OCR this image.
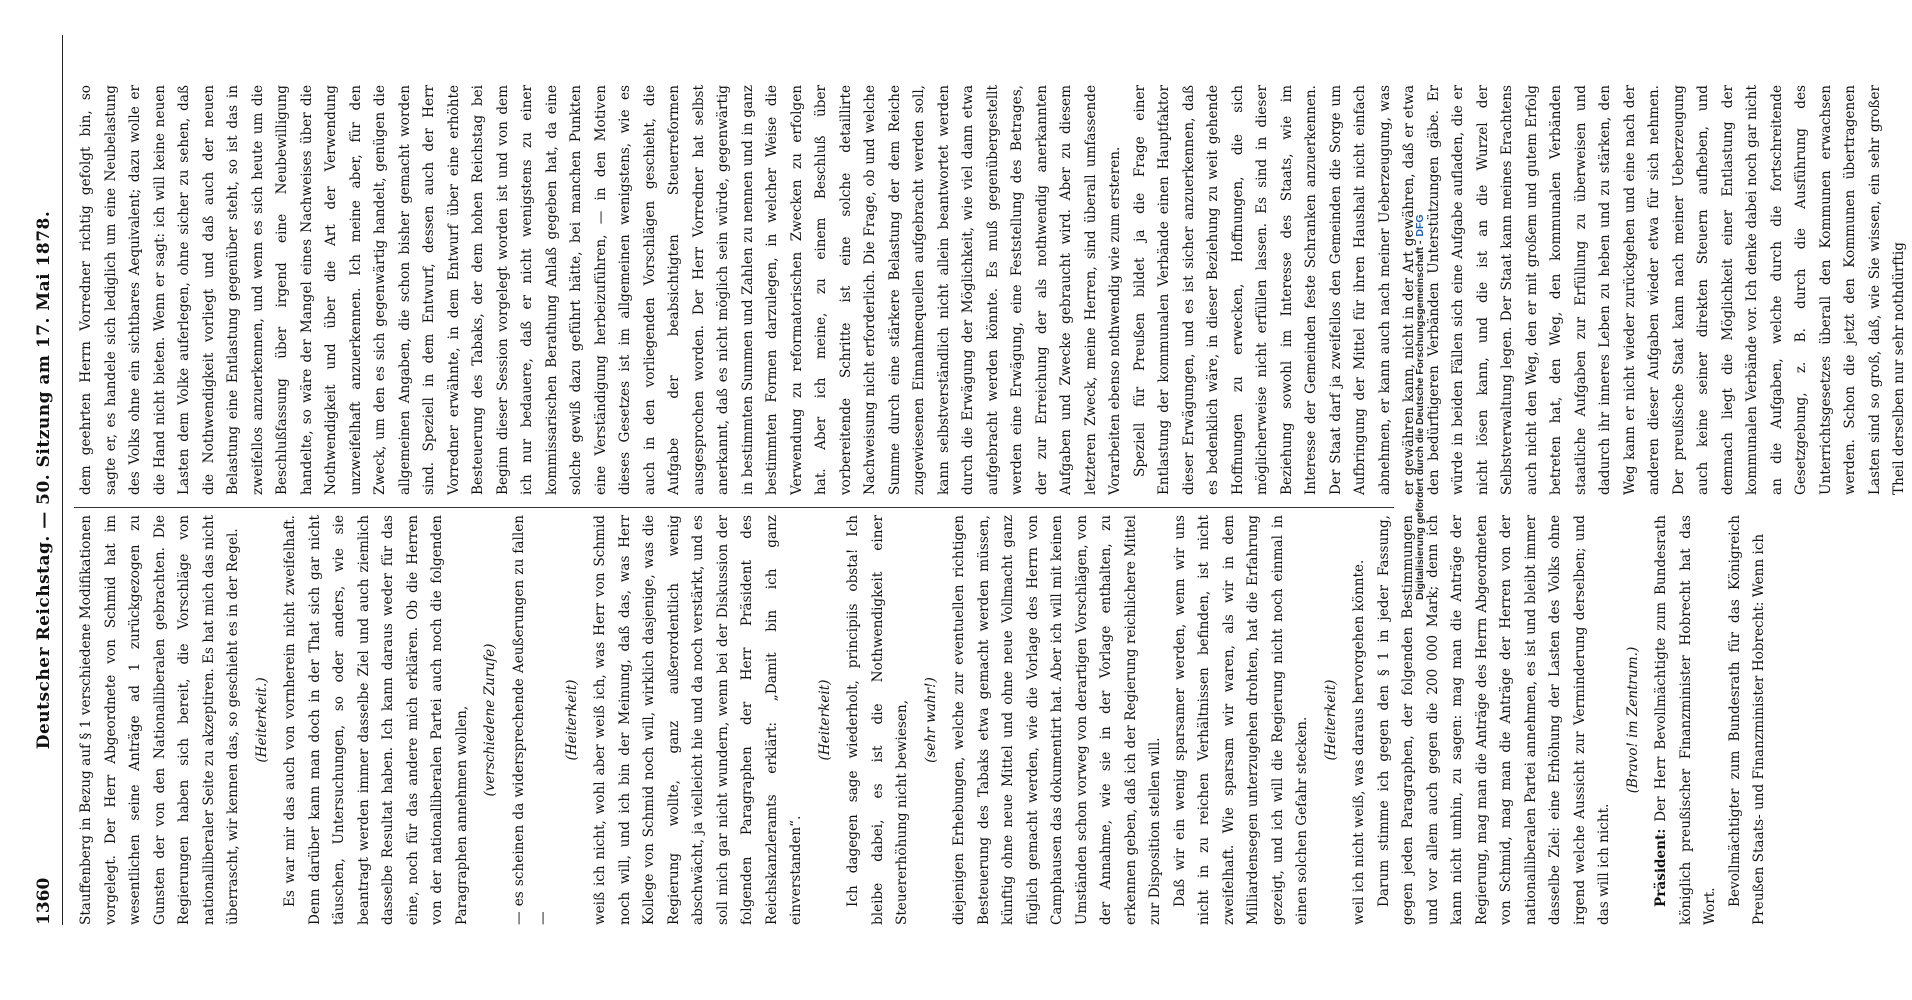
1360
Deutscher Reichstag. — 50. Sitzung am 17. Mai 1878. Stauffenberg in Bezug auf § 1 verschiedene Modifikationen vorgelegt. Der Herr Abgeordnete von Schmid hat im wesentlichen seine Anträge ad 1 zurückgezogen zu Gunsten der von den Nationalliberalen gebrachten. Die Regierungen haben sich bereit, die Vorschläge von nationalliberaler Seite zu akzeptiren. Es hat mich das nicht überrascht, wir kennen das, so geschieht es in der Regel. (Heiterkeit.) Es war mir das auch von vornherein nicht zweifelhaft. Denn darüber kann man doch in der That sich gar nicht täuschen, Untersuchungen, so oder anders, wie sie beantragt werden immer dasselbe Ziel und auch ziemlich dasselbe Resultat haben. Ich kann daraus weder für das eine, noch für das andere mich erklären. Ob die Herren von der nationalliberalen Partei auch noch die folgenden Paragraphen annehmen wollen, (verschiedene Zurufe) — es scheinen da widersprechende Aeußerungen zu fallen —

(Heiterkeit) weiß ich nicht, wohl aber weiß ich, was Herr von Schmid noch will, und ich bin der Meinung, daß das, was Herr Kollege von Schmid noch will, wirklich dasjenige, was die Regierung wollte, ganz außerordentlich wenig abschwächt, ja vielleicht hie und da noch verstärkt, und es soll mich gar nicht wundern, wenn bei der Diskussion der folgenden Paragraphen der Herr Präsident des Reichskanzleramts erklärt: „Damit bin ich ganz einverstanden“.

(Heiterkeit) Ich dagegen sage wiederholt, principiis obsta! Ich bleibe dabei, es ist die Nothwendigkeit einer Steuererhöhung nicht bewiesen, (sehr wahr!) diejenigen Erhebungen, welche zur eventuellen richtigen Besteuerung des Tabaks etwa gemacht werden müssen, künftig ohne neue Mittel und ohne neue Vollmacht ganz füglich gemacht werden, wie die Vorlage des Herrn von Camphausen das dokumentirt hat. Aber ich will mit keinen Umständen schon vorweg von derartigen Vorschlägen, von der Annahme, wie sie in der Vorlage enthalten, zu erkennen geben, daß ich der Regierung reichlichere Mittel zur Disposition stellen will. Daß wir ein wenig sparsamer werden, wenn wir uns nicht in zu reichen Verhältnissen befinden, ist nicht zweifelhaft. Wie sparsam wir waren, als wir in dem Milliardensegen unterzugehen drohten, hat die Erfahrung gezeigt, und ich will die Regierung nicht noch einmal in einen solchen Gefahr stecken. (Heiterkeit) weil ich nicht weiß, was daraus hervorgehen könnte. Darum stimme ich gegen den § 1 in jeder Fassung, gegen jeden Paragraphen, der folgenden Bestimmungen und vor allem auch gegen die 200 000 Mark; denn ich kann nicht umhin, zu sagen: mag man die Anträge der Regierung, mag man die Anträge des Herrn Abgeordneten von Schmid, mag man die Anträge der Herren von der nationalliberalen Partei annehmen, es ist und bleibt immer dasselbe Ziel: eine Erhöhung der Lasten des Volks ohne irgend welche Aussicht zur Verminderung derselben; und das will ich nicht.

(Bravo! im Zentrum.)

Präsident: Der Herr Bevollmächtigte zum Bundesrath königlich preußischer Finanzminister Hobrecht hat das Wort. Bevollmächtigter zum Bundesrath für das Königreich Preußen Staats- und Finanzminister Hobrecht: Wenn ich

dem geehrten Herrn Vorredner richtig gefolgt bin, so sagte er, es handele sich lediglich um eine Neubelastung des Volks ohne ein sichtbares Aequivalent; dazu wolle er die Hand nicht bieten. Wenn er sagt: ich will keine neuen Lasten dem Volke auferlegen, ohne sicher zu sehen, daß die Nothwendigkeit vorliegt und daß auch der neuen Belastung eine Entlastung gegenüber steht, so ist das in zweifellos anzuerkennen, und wenn es sich heute um die Beschlußfassung über irgend eine Neubewilligung handelte, so wäre der Mangel eines Nachweises über die Nothwendigkeit und über die Art der Verwendung unzweifelhaft anzuerkennen. Ich meine aber, für den Zweck, um den es sich gegenwärtig handelt, genügen die allgemeinen Angaben, die schon bisher gemacht worden sind. Speziell in dem Entwurf, dessen auch der Herr Vorredner erwähnte, in dem Entwurf über eine erhöhte Besteuerung des Tabaks, der dem hohen Reichstag bei Beginn dieser Session vorgelegt worden ist und von dem ich nur bedauere, daß er nicht wenigstens zu einer kommissarischen Berathung Anlaß gegeben hat, da eine solche gewiß dazu geführt hätte, bei manchen Punkten eine Verständigung herbeizuführen, — in den Motiven dieses Gesetzes ist im allgemeinen wenigstens, wie es auch in den vorliegenden Vorschlägen geschieht, die Aufgabe der beabsichtigten Steuerreformen ausgesprochen worden. Der Herr Vorredner hat selbst anerkannt, daß es nicht möglich sein würde, gegenwärtig in bestimmten Summen und Zahlen zu nennen und in ganz bestimmten Formen darzulegen, in welcher Weise die Verwendung zu reformatorischen Zwecken zu erfolgen hat. Aber ich meine, zu einem Beschluß über vorbereitende Schritte ist eine solche detaillirte Nachweisung nicht erforderlich. Die Frage, ob und welche Summe durch eine stärkere Belastung der dem Reiche zugewiesenen Einnahmequellen aufgebracht werden soll, kann selbstverständlich nicht allein beantwortet werden durch die Erwägung der Möglichkeit, wie viel dann etwa aufgebracht werden könnte. Es muß gegenübergestellt werden eine Erwägung, eine Feststellung des Betrages, der zur Erreichung der als nothwendig anerkannten Aufgaben und Zwecke gebraucht wird. Aber zu diesem letzteren Zweck, meine Herren, sind überall umfassende Vorarbeiten ebenso nothwendig wie zum ersteren. Speziell für Preußen bildet ja die Frage einer Entlastung der kommunalen Verbände einen Hauptfaktor dieser Erwägungen, und es ist sicher anzuerkennen, daß es bedenklich wäre, in dieser Beziehung zu weit gehende Hoffnungen zu erwecken, Hoffnungen, die sich möglicherweise nicht erfüllen lassen. Es sind in dieser Beziehung sowohl im Interesse des Staats, wie im Interesse der Gemeinden feste Schranken anzuerkennen. Der Staat darf ja zweifellos den Gemeinden die Sorge um Aufbringung der Mittel für ihren Haushalt nicht einfach abnehmen, er kann auch nach meiner Ueberzeugung, was er gewähren kann, nicht in der Art gewähren, daß er etwa den bedürftigeren Verbänden Unterstützungen gäbe. Er würde in beiden Fällen sich eine Aufgabe aufladen, die er nicht lösen kann, und die ist an die Wurzel der Selbstverwaltung legen. Der Staat kann meines Erachtens auch nicht den Weg, den er mit großem und gutem Erfolg betreten hat, den Weg, den kommunalen Verbänden staatliche Aufgaben zur Erfüllung zu überweisen und dadurch ihr inneres Leben zu heben und zu stärken, den Weg kann er nicht wieder zurückgehen und eine nach der anderen dieser Aufgaben wieder etwa für sich nehmen. Der preußische Staat kann nach meiner Ueberzeugung auch keine seiner direkten Steuern aufheben, und demnach liegt die Möglichkeit einer Entlastung der kommunalen Verbände vor. Ich denke dabei noch gar nicht an die Aufgaben, welche durch die fortschreitende Gesetzgebung, z. B. durch die Ausführung des Unterrichtsgesetzes überall den Kommunen erwachsen werden. Schon die jetzt den Kommunen übertragenen Lasten sind so groß, daß, wie Sie wissen, ein sehr großer Theil derselben nur sehr nothdürftig

Digitalisierung gefördert durch die Deutsche Forschungsgemeinschaft -DFG
